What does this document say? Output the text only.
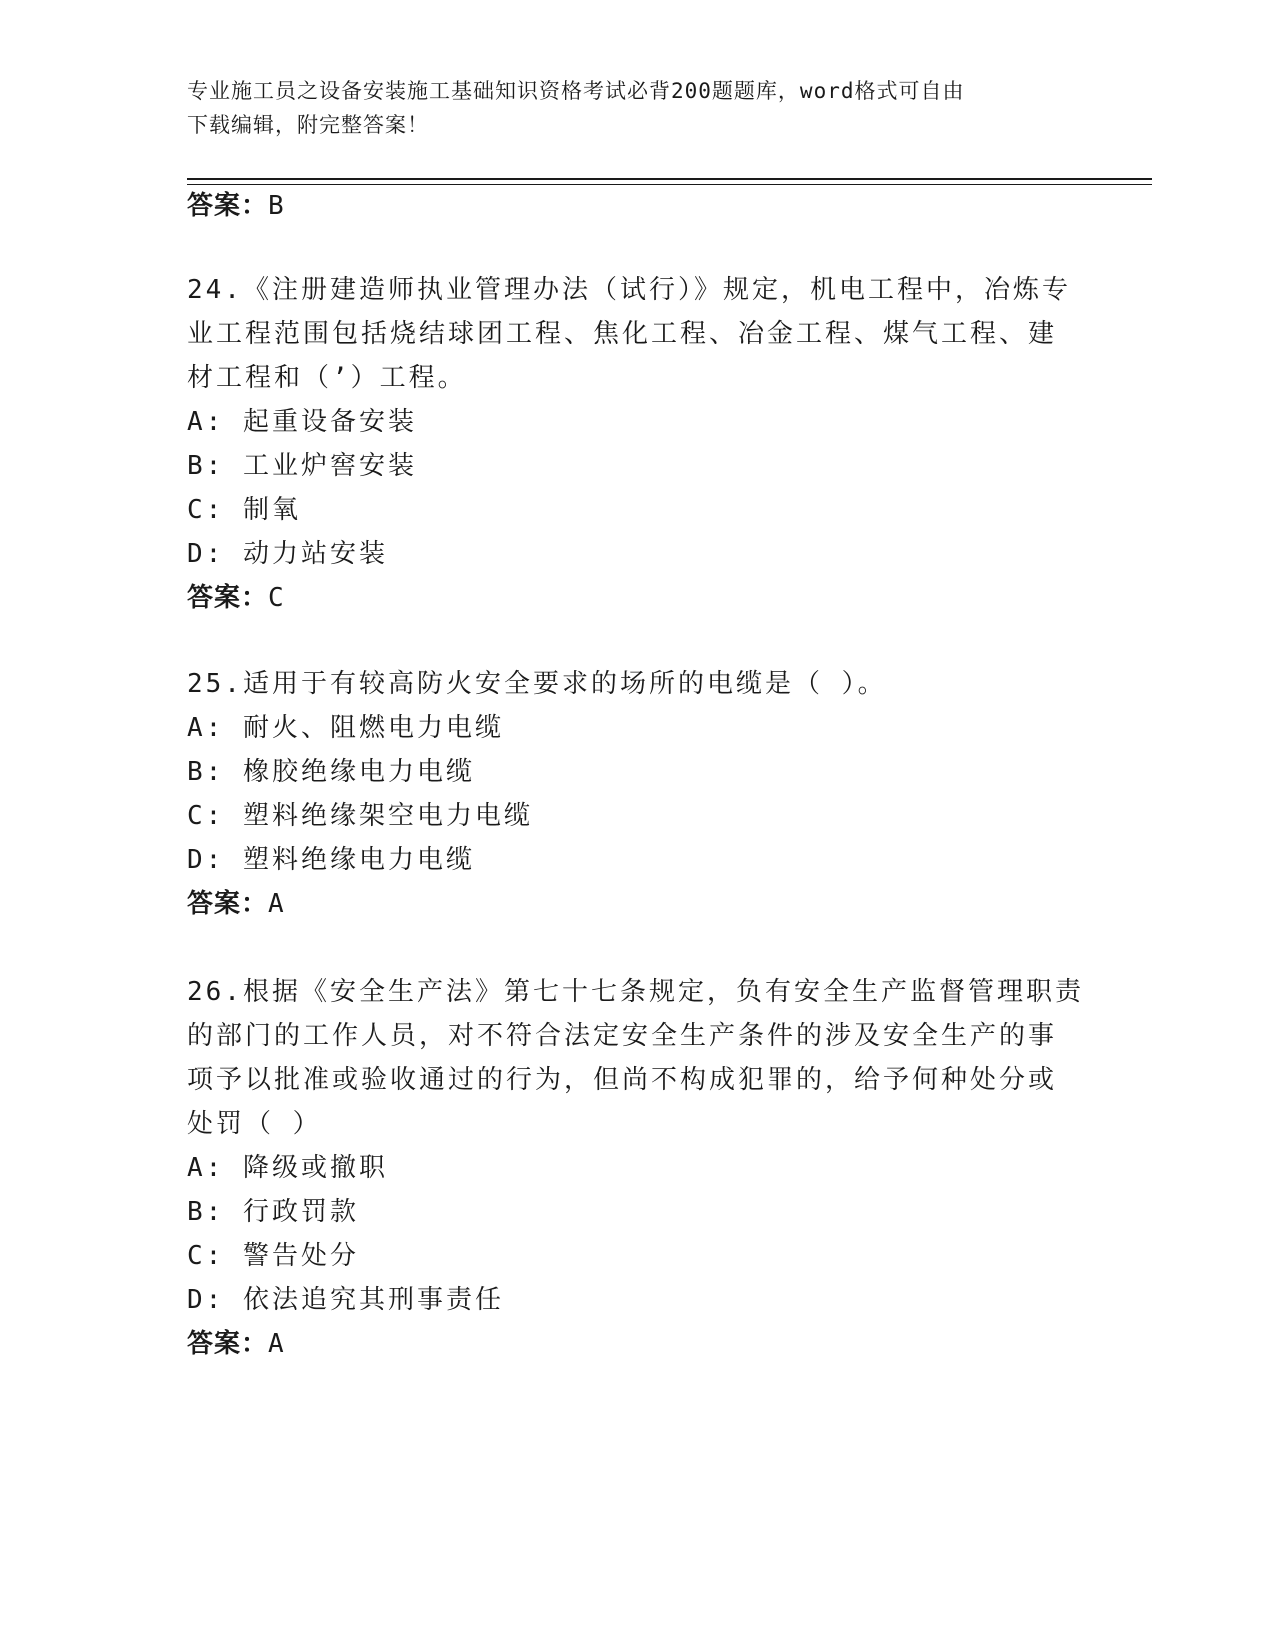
专业施工员之设备安装施工基础知识资格考试必背200题题库，word格式可自由
下载编辑，附完整答案！
答案：B
24.《注册建造师执业管理办法（试行）》规定，机电工程中，冶炼专
业工程范围包括烧结球团工程、焦化工程、冶金工程、煤气工程、建
材工程和（’）工程。
A: 起重设备安装
B: 工业炉窖安装
C: 制氧
D: 动力站安装
答案：C
25.适用于有较高防火安全要求的场所的电缆是（ ）。
A: 耐火、阻燃电力电缆
B: 橡胶绝缘电力电缆
C: 塑料绝缘架空电力电缆
D: 塑料绝缘电力电缆
答案：A
26.根据《安全生产法》第七十七条规定，负有安全生产监督管理职责
的部门的工作人员，对不符合法定安全生产条件的涉及安全生产的事
项予以批准或验收通过的行为，但尚不构成犯罪的，给予何种处分或
处罚（ ）
A: 降级或撤职
B: 行政罚款
C: 警告处分
D: 依法追究其刑事责任
答案：A
